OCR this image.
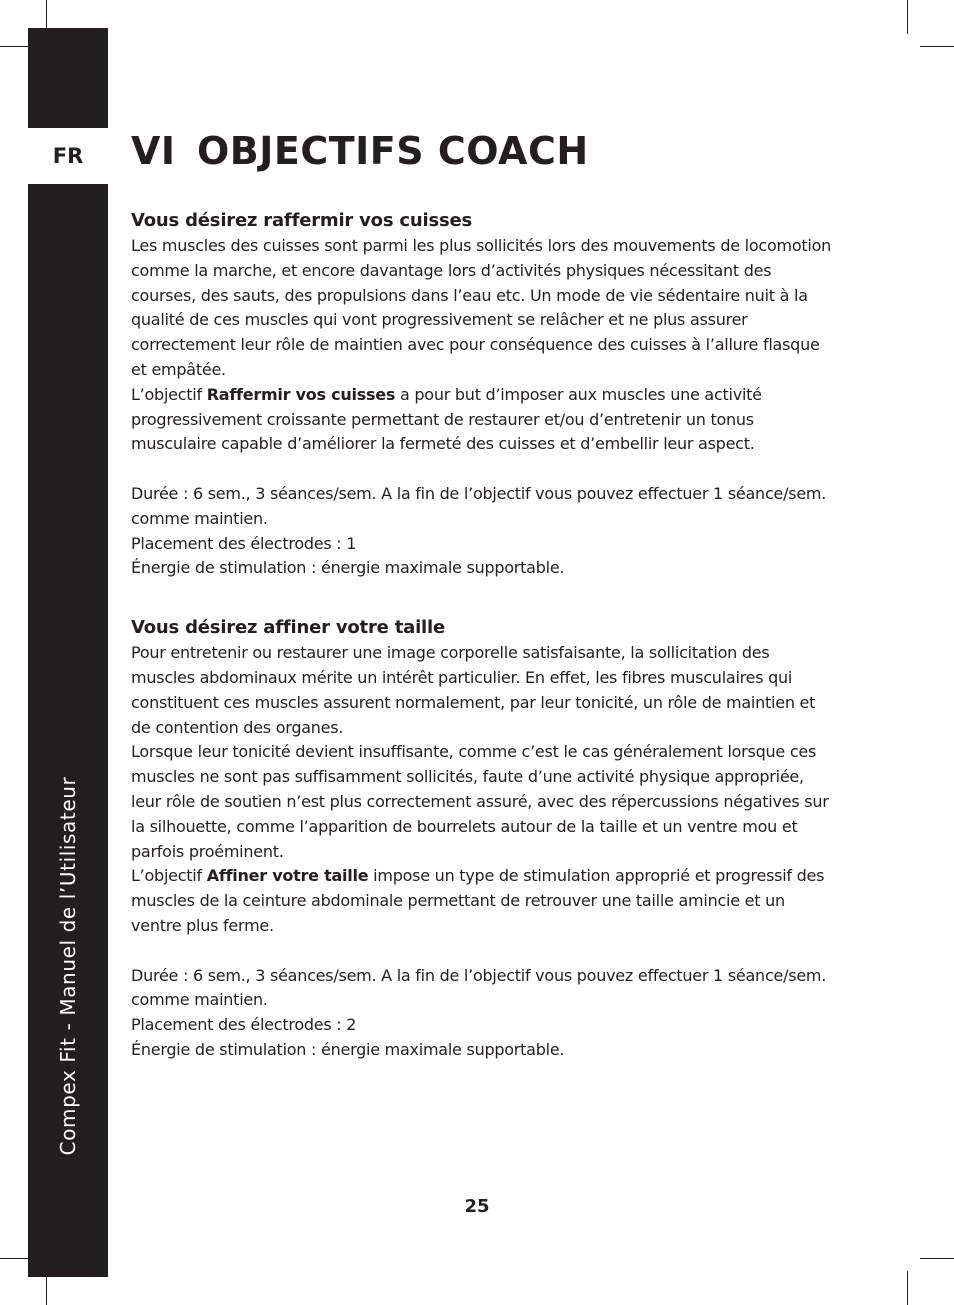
FR
Compex Fit - Manuel de l’Utilisateur
VI OBJECTIFS COACH
Vous désirez raffermir vos cuisses

Les muscles des cuisses sont parmi les plus sollicités lors des mouvements de locomotion comme la marche, et encore davantage lors d’activités physiques nécessitant des courses, des sauts, des propulsions dans l’eau etc. Un mode de vie sédentaire nuit à la qualité de ces muscles qui vont progressivement se relâcher et ne plus assurer correctement leur rôle de maintien avec pour conséquence des cuisses à l’allure flasque et empâtée.

L’objectif Raffermir vos cuisses a pour but d’imposer aux muscles une activité progressivement croissante permettant de restaurer et/ou d’entretenir un tonus musculaire capable d’améliorer la fermeté des cuisses et d’embellir leur aspect.

Durée : 6 sem., 3 séances/sem. A la fin de l’objectif vous pouvez effectuer 1 séance/sem. comme maintien.

Placement des électrodes : 1

Énergie de stimulation : énergie maximale supportable.

Vous désirez affiner votre taille

Pour entretenir ou restaurer une image corporelle satisfaisante, la sollicitation des muscles abdominaux mérite un intérêt particulier. En effet, les fibres musculaires qui constituent ces muscles assurent normalement, par leur tonicité, un rôle de maintien et de contention des organes.

Lorsque leur tonicité devient insuffisante, comme c’est le cas généralement lorsque ces muscles ne sont pas suffisamment sollicités, faute d’une activité physique appropriée, leur rôle de soutien n’est plus correctement assuré, avec des répercussions négatives sur la silhouette, comme l’apparition de bourrelets autour de la taille et un ventre mou et parfois proéminent.

L’objectif Affiner votre taille impose un type de stimulation approprié et progressif des muscles de la ceinture abdominale permettant de retrouver une taille amincie et un ventre plus ferme.

Durée : 6 sem., 3 séances/sem. A la fin de l’objectif vous pouvez effectuer 1 séance/sem. comme maintien.

Placement des électrodes : 2

Énergie de stimulation : énergie maximale supportable.

25
